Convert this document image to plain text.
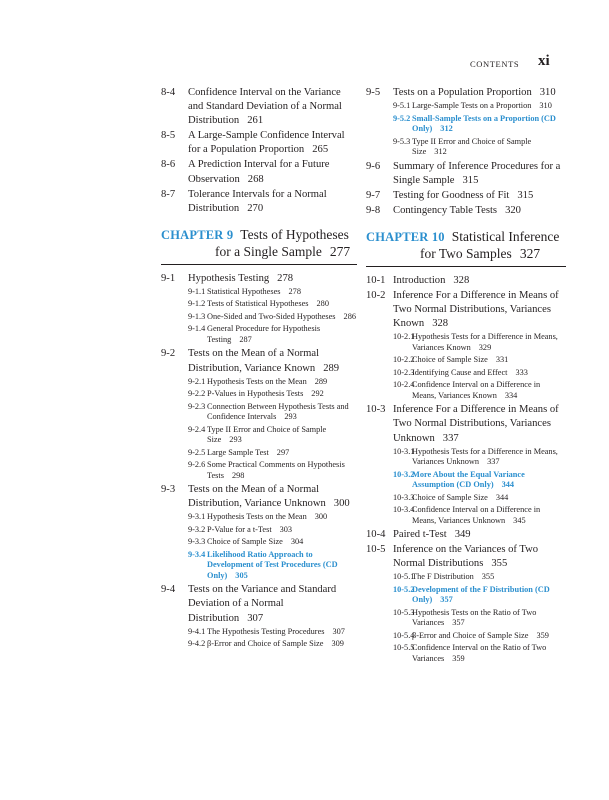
CONTENTS xi
8-4 Confidence Interval on the Variance and Standard Deviation of a Normal Distribution 261
8-5 A Large-Sample Confidence Interval for a Population Proportion 265
8-6 A Prediction Interval for a Future Observation 268
8-7 Tolerance Intervals for a Normal Distribution 270
CHAPTER 9 Tests of Hypotheses
for a Single Sample 277
9-1 Hypothesis Testing 278
9-1.1 Statistical Hypotheses 278
9-1.2 Tests of Statistical Hypotheses 280
9-1.3 One-Sided and Two-Sided Hypotheses 286
9-1.4 General Procedure for Hypothesis Testing 287
9-2 Tests on the Mean of a Normal Distribution, Variance Known 289
9-2.1 Hypothesis Tests on the Mean 289
9-2.2 P-Values in Hypothesis Tests 292
9-2.3 Connection Between Hypothesis Tests and Confidence Intervals 293
9-2.4 Type II Error and Choice of Sample Size 293
9-2.5 Large Sample Test 297
9-2.6 Some Practical Comments on Hypothesis Tests 298
9-3 Tests on the Mean of a Normal Distribution, Variance Unknown 300
9-3.1 Hypothesis Tests on the Mean 300
9-3.2 P-Value for a t-Test 303
9-3.3 Choice of Sample Size 304
9-3.4 Likelihood Ratio Approach to Development of Test Procedures (CD Only) 305
9-4 Tests on the Variance and Standard Deviation of a Normal Distribution 307
9-4.1 The Hypothesis Testing Procedures 307
9-4.2 β-Error and Choice of Sample Size 309
9-5 Tests on a Population Proportion 310
9-5.1 Large-Sample Tests on a Proportion 310
9-5.2 Small-Sample Tests on a Proportion (CD Only) 312
9-5.3 Type II Error and Choice of Sample Size 312
9-6 Summary of Inference Procedures for a Single Sample 315
9-7 Testing for Goodness of Fit 315
9-8 Contingency Table Tests 320
CHAPTER 10 Statistical Inference
for Two Samples 327
10-1 Introduction 328
10-2 Inference For a Difference in Means of Two Normal Distributions, Variances Known 328
10-2.1
Hypothesis Tests for a Difference in Means, Variances Known 329
10-2.2
Choice of Sample Size 331
10-2.3
Identifying Cause and Effect 333
10-2.4
Confidence Interval on a Difference in Means, Variances Known 334
10-3 Inference For a Difference in Means of Two Normal Distributions, Variances Unknown 337
10-3.1
Hypothesis Tests for a Difference in Means, Variances Unknown 337
10-3.2
More About the Equal Variance Assumption (CD Only) 344
10-3.3
Choice of Sample Size 344
10-3.4
Confidence Interval on a Difference in Means, Variances Unknown 345
10-4 Paired t-Test 349
10-5 Inference on the Variances of Two Normal Distributions 355
10-5.1
The F Distribution 355
10-5.2
Development of the F Distribution (CD Only) 357
10-5.3
Hypothesis Tests on the Ratio of Two Variances 357
10-5.4
β-Error and Choice of Sample Size 359
10-5.5
Confidence Interval on the Ratio of Two Variances 359
